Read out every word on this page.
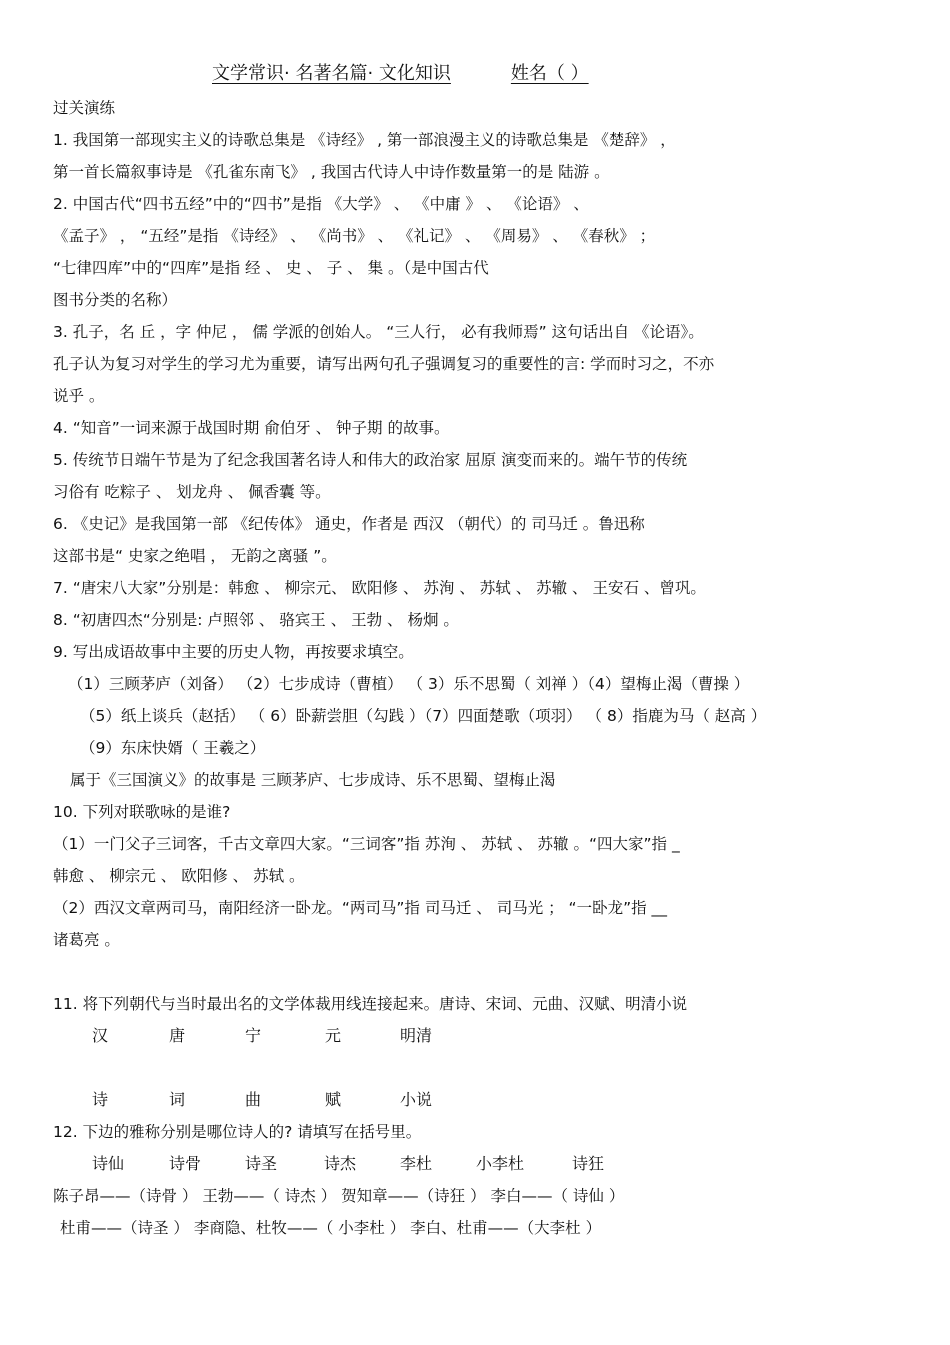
文学常识· 名著名篇· 文化知识	姓名（ ）
过关演练
1. 我国第一部现实主义的诗歌总集是 《诗经》 , 第一部浪漫主义的诗歌总集是 《楚辞》 ，
第一首长篇叙事诗是 《孔雀东南飞》 , 我国古代诗人中诗作数量第一的是 陆游 。
2. 中国古代“四书五经”中的“四书”是指 《大学》 、 《中庸 》 、 《论语》 、
《孟子》 ， “五经”是指 《诗经》 、 《尚书》 、 《礼记》 、 《周易》 、 《春秋》 ；
“七律四库”中的“四库”是指 经 、 史 、 子 、 集 。（是中国古代
图书分类的名称）
3. 孔子，名 丘 ，字 仲尼 ， 儒 学派的创始人。 “三人行， 必有我师焉” 这句话出自 《论语》。
孔子认为复习对学生的学习尤为重要，请写出两句孔子强调复习的重要性的言: 学而时习之，不亦
说乎 。
4. “知音”一词来源于战国时期 俞伯牙 、 钟子期 的故事。
5. 传统节日端午节是为了纪念我国著名诗人和伟大的政治家 屈原 演变而来的。端午节的传统
习俗有 吃粽子 、 划龙舟 、 佩香囊 等。
6. 《史记》是我国第一部 《纪传体》 通史，作者是 西汉 （朝代）的 司马迁 。鲁迅称
这部书是“ 史家之绝唱 ， 无韵之离骚 ”。
7. “唐宋八大家”分别是：韩愈 、 柳宗元、 欧阳修 、 苏洵 、 苏轼 、 苏辙 、 王安石 、曾巩。
8. “初唐四杰“分别是: 卢照邻 、 骆宾王 、 王勃 、 杨炯 。
9. 写出成语故事中主要的历史人物，再按要求填空。
（1）三顾茅庐（刘备） （2）七步成诗（曹植） （ 3）乐不思蜀（ 刘禅 ）（4）望梅止渴（曹操 ）
（5）纸上谈兵（赵括） （ 6）卧薪尝胆（勾践 ）（7）四面楚歌（项羽） （ 8）指鹿为马（ 赵高 ）
（9）东床快婿（ 王羲之）
属于《三国演义》的故事是 三顾茅庐、七步成诗、乐不思蜀、望梅止渴
10. 下列对联歌咏的是谁?
（1）一门父子三词客，千古文章四大家。“三词客”指 苏洵 、 苏轼 、 苏辙 。“四大家”指 _
韩愈 、 柳宗元 、 欧阳修 、 苏轼 。
（2）西汉文章两司马，南阳经济一卧龙。“两司马”指 司马迁 、 司马光 ； “一卧龙”指 __
诸葛亮 。
11. 将下列朝代与当时最出名的文学体裁用线连接起来。唐诗、宋词、元曲、汉赋、明清小说
12. 下边的雅称分别是哪位诗人的? 请填写在括号里。
陈子昂——（诗骨 ） 王勃——（ 诗杰 ） 贺知章——（诗狂 ） 李白——（ 诗仙 ）
杜甫——（诗圣 ） 李商隐、杜牧——（ 小李杜 ） 李白、杜甫——（大李杜 ）
汉	唐	宁	元	明清
诗	词	曲	赋	小说
诗仙	诗骨	诗圣	诗杰	李杜	小李杜	诗狂
